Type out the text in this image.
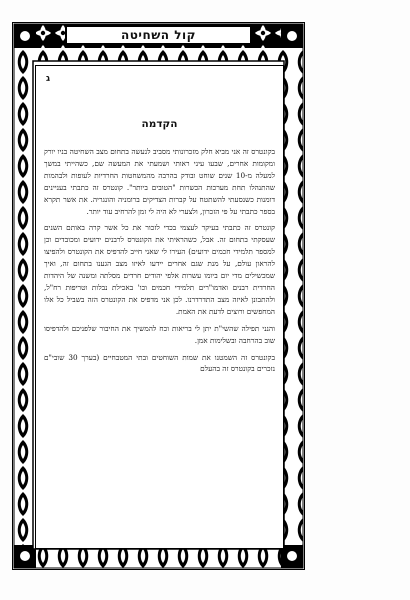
קול השחיטה
ג
הקדמה

בקונטרס זה אני מביא חלק מזכרונותי מסביב לנעשה בתחום מצב השחיטה בניו יורק ומקומות אחרים, שבעו עיני ראותי ושמעתי את המעשה שם, כשהייתי במשך למעלה מ-10 שנים שוחט ובודק בהרבה מהמשחטות החרדיות לעופות ולבהמות שהתנהלו תחת מערכות הכשרות "הטובים ביותר". קונטרס זה כתבתי בעניינים דומנות כשנסעתי להשתטח על קברות הצדיקים ברומניה והונגריה. את אשר תקרא בספר כתבתי על פי הזכרון, ולצערי לא היה לי זמן להרחיב עוד יותר.

קונטרס זה כתבתי בעיקר לעצמי בכדי לזכור את כל אשר קרה באותם השנים שעסקתי בתחום זה. אבל, כשהראיתי את הקונטרס לרבנים ידועים ומכובדים וכן למספר תלמידי חכמים ידועים) העירו לי שאני חייב להדפיס את הקונטרס ולהפיצו להראון עולם, על מנת שגם אחרים יידעו לאיזו מצב הגענו בתחום זה, ואיך שמכשילים מדי יום ביומו עשרות אלפי יהודים חרדים מסלתה ומשנה של היהדות החרדית רבנים ואדמו"רים תלמידי חכמים וכו' באכילת נבלות וטריפות רח"ל, ולהתבונן לאיזה מצב התדרדרנו. לכן אני מדפיס את הקונטרס הזה בשביל כל אלו המחפשים ורוצים לדעת את האמת.

והנני תפילה שהשי"ת יתן לי בריאות וכח להמשיך את החיבור שלפניכם ולהדפיסו שוב בהרחבה ובשלימות אמן.

בקונטרס זה השמטנו את שמות השוחטים ובתי המטבחיים (בערך 30 שובי"ם נזכרים בקונטרס זה בהעלם
